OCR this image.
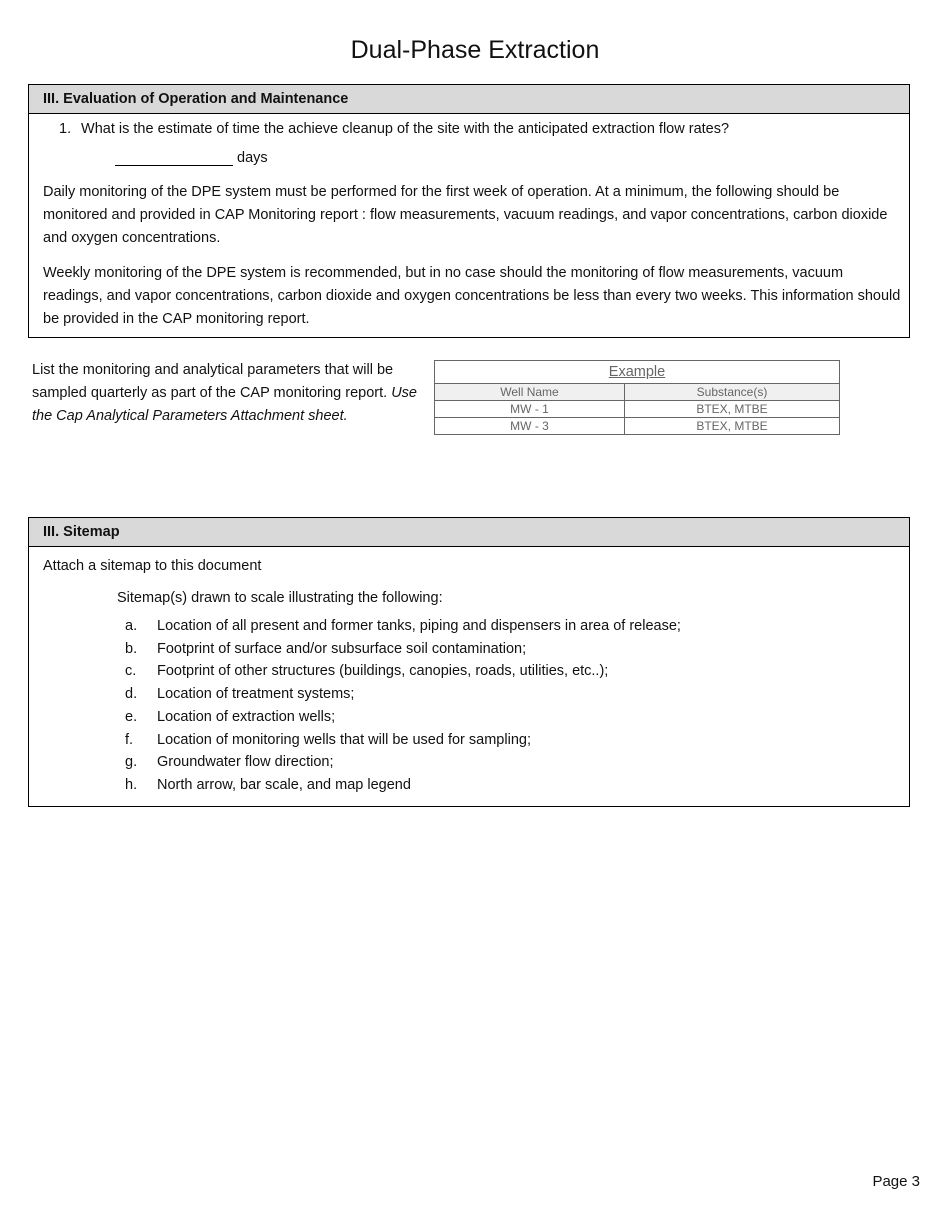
Dual-Phase Extraction
III. Evaluation of Operation and Maintenance
1. What is the estimate of time the achieve cleanup of the site with the anticipated extraction flow rates?
days
Daily monitoring of the DPE system must be performed for the first week of operation. At a minimum, the following should be monitored and provided in CAP Monitoring report : flow measurements, vacuum readings, and vapor concentrations, carbon dioxide and oxygen concentrations.
Weekly monitoring of the DPE system is recommended, but in no case should the monitoring of flow measurements, vacuum readings, and vapor concentrations, carbon dioxide and oxygen concentrations be less than every two weeks. This information should be provided in the CAP monitoring report.
List the monitoring and analytical parameters that will be sampled quarterly as part of the CAP monitoring report. Use the Cap Analytical Parameters Attachment sheet.
Example
Well Name	Substance(s)
MW - 1	BTEX, MTBE
MW - 3	BTEX, MTBE
III. Sitemap
Attach a sitemap to this document
Sitemap(s) drawn to scale illustrating the following:
a. Location of all present and former tanks, piping and dispensers in area of release;
b. Footprint of surface and/or subsurface soil contamination;
c. Footprint of other structures (buildings, canopies, roads, utilities, etc..);
d. Location of treatment systems;
e. Location of extraction wells;
f. Location of monitoring wells that will be used for sampling;
g. Groundwater flow direction;
h. North arrow, bar scale, and map legend
Page 3
